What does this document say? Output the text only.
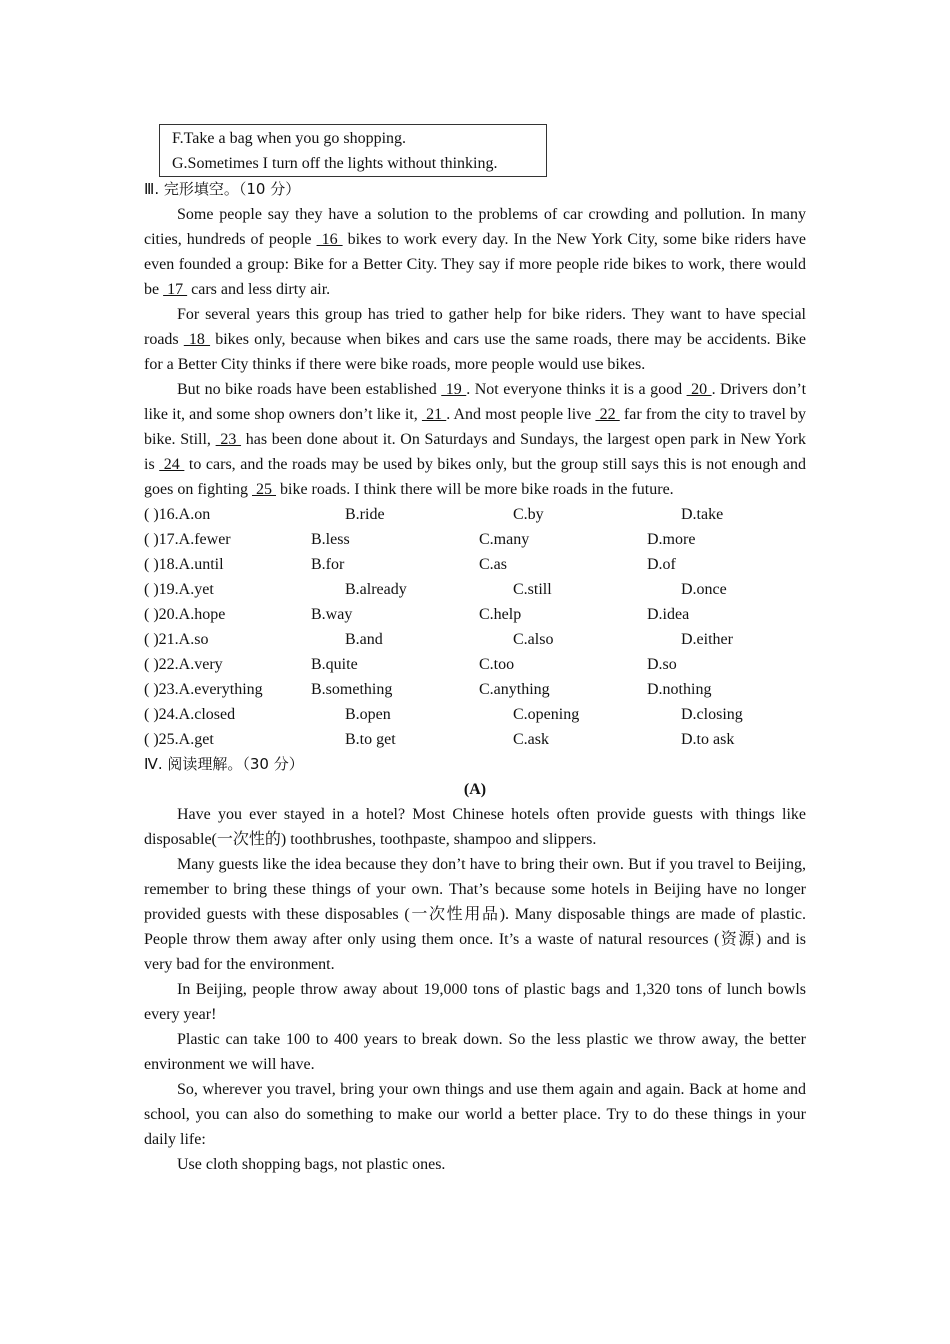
F.Take a bag when you go shopping.

G.Sometimes I turn off the lights without thinking.

Ⅲ. 完形填空。（10 分）

Some people say they have a solution to the problems of car crowding and pollution. In many cities, hundreds of people  16  bikes to work every day. In the New York City, some bike riders have even founded a group: Bike for a Better City. They say if more people ride bikes to work, there would be  17  cars and less dirty air.

For several years this group has tried to gather help for bike riders. They want to have special roads  18  bikes only, because when bikes and cars use the same roads, there may be accidents. Bike for a Better City thinks if there were bike roads, more people would use bikes.

But no bike roads have been established  19 . Not everyone thinks it is a good  20 . Drivers don’t like it, and some shop owners don’t like it,  21 . And most people live  22  far from the city to travel by bike. Still,  23  has been done about it. On Saturdays and Sundays, the largest open park in New York is  24  to cars, and the roads may be used by bikes only, but the group still says this is not enough and goes on fighting  25  bike roads. I think there will be more bike roads in the future.

( )16.A.on	B.ride	C.by	D.take
( )17.A.fewer	B.less	C.many	D.more
( )18.A.until	B.for	C.as	D.of
( )19.A.yet	B.already	C.still	D.once
( )20.A.hope	B.way	C.help	D.idea
( )21.A.so	B.and	C.also	D.either
( )22.A.very	B.quite	C.too	D.so
( )23.A.everything	B.something	C.anything	D.nothing
( )24.A.closed	B.open	C.opening	D.closing
( )25.A.get	B.to get	C.ask	D.to ask

Ⅳ. 阅读理解。（30 分）

(A)

Have you ever stayed in a hotel? Most Chinese hotels often provide guests with things like disposable(一次性的) toothbrushes, toothpaste, shampoo and slippers.

Many guests like the idea because they don’t have to bring their own. But if you travel to Beijing, remember to bring these things of your own. That’s because some hotels in Beijing have no longer provided guests with these disposables (一次性用品). Many disposable things are made of plastic. People throw them away after only using them once. It’s a waste of natural resources (资源) and is very bad for the environment.

In Beijing, people throw away about 19,000 tons of plastic bags and 1,320 tons of lunch bowls every year!

Plastic can take 100 to 400 years to break down. So the less plastic we throw away, the better environment we will have.

So, wherever you travel, bring your own things and use them again and again. Back at home and school, you can also do something to make our world a better place. Try to do these things in your daily life:

Use cloth shopping bags, not plastic ones.
